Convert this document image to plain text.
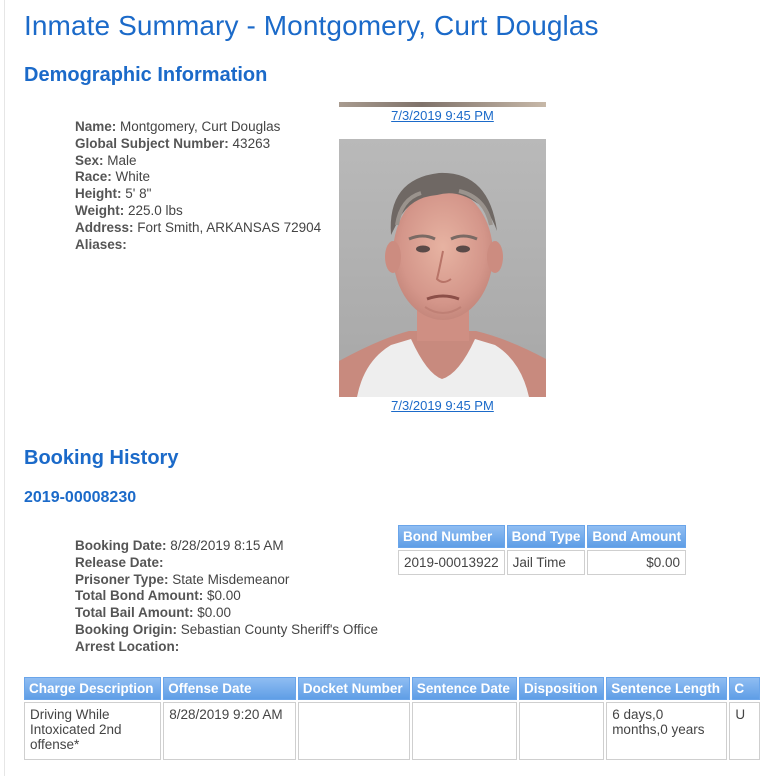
Inmate Summary - Montgomery, Curt Douglas
Demographic Information
Name: Montgomery, Curt Douglas
Global Subject Number: 43263
Sex: Male
Race: White
Height: 5' 8"
Weight: 225.0 lbs
Address: Fort Smith, ARKANSAS 72904
Aliases:
7/3/2019 9:45 PM
7/3/2019 9:45 PM
Booking History
2019-00008230
Booking Date: 8/28/2019 8:15 AM
Release Date:
Prisoner Type: State Misdemeanor
Total Bond Amount: $0.00
Total Bail Amount: $0.00
Booking Origin: Sebastian County Sheriff's Office
Arrest Location:
Bond Number	Bond Type	Bond Amount
2019-00013922	Jail Time	$0.00
Charge Description	Offense Date	Docket Number	Sentence Date	Disposition	Sentence Length	C
Driving While Intoxicated 2nd offense*	8/28/2019 9:20 AM				6 days,0 months,0 years	U
